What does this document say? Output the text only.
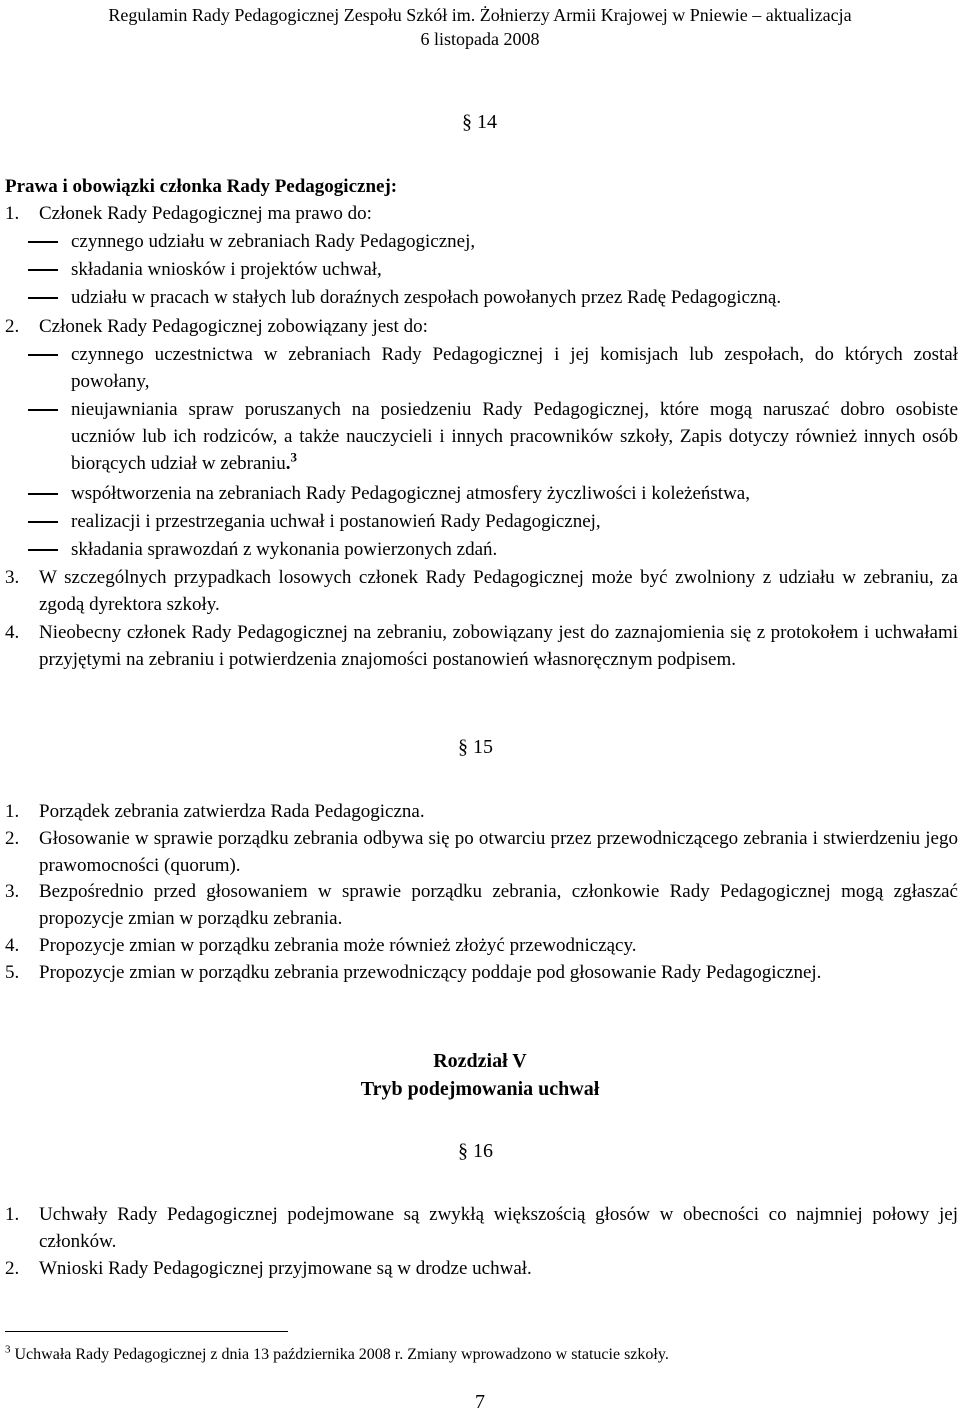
Regulamin Rady Pedagogicznej Zespołu Szkół im. Żołnierzy Armii Krajowej w Pniewie – aktualizacja
6 listopada 2008
§ 14
Prawa i obowiązki członka Rady Pedagogicznej:
1. Członek Rady Pedagogicznej ma prawo do:
czynnego udziału w zebraniach Rady Pedagogicznej,
składania wniosków i projektów uchwał,
udziału w pracach w stałych lub doraźnych zespołach powołanych przez Radę Pedagogiczną.
2. Członek Rady Pedagogicznej zobowiązany jest do:
czynnego uczestnictwa w zebraniach Rady Pedagogicznej i jej komisjach lub zespołach, do których został powołany,
nieujawniania spraw poruszanych na posiedzeniu Rady Pedagogicznej, które mogą naruszać dobro osobiste uczniów lub ich rodziców, a także nauczycieli i innych pracowników szkoły, Zapis dotyczy również innych osób biorących udział w zebraniu.$^3$
współtworzenia na zebraniach Rady Pedagogicznej atmosfery życzliwości i koleżeństwa,
realizacji i przestrzegania uchwał i postanowień Rady Pedagogicznej,
składania sprawozdań z wykonania powierzonych zdań.
3. W szczególnych przypadkach losowych członek Rady Pedagogicznej może być zwolniony z udziału w zebraniu, za zgodą dyrektora szkoły.
4. Nieobecny członek Rady Pedagogicznej na zebraniu, zobowiązany jest do zaznajomienia się z protokołem i uchwałami przyjętymi na zebraniu i potwierdzenia znajomości postanowień własnoręcznym podpisem.
§ 15
1. Porządek zebrania zatwierdza Rada Pedagogiczna.
2. Głosowanie w sprawie porządku zebrania odbywa się po otwarciu przez przewodniczącego zebrania i stwierdzeniu jego prawomocności (quorum).
3. Bezpośrednio przed głosowaniem w sprawie porządku zebrania, członkowie Rady Pedagogicznej mogą zgłaszać propozycje zmian w porządku zebrania.
4. Propozycje zmian w porządku zebrania może również złożyć przewodniczący.
5. Propozycje zmian w porządku zebrania przewodniczący poddaje pod głosowanie Rady Pedagogicznej.
Rozdział V
Tryb podejmowania uchwał
§ 16
1. Uchwały Rady Pedagogicznej podejmowane są zwykłą większością głosów w obecności co najmniej połowy jej członków.
2. Wnioski Rady Pedagogicznej przyjmowane są w drodze uchwał.
$^3$ Uchwała Rady Pedagogicznej z dnia 13 października 2008 r. Zmiany wprowadzono w statucie szkoły.
7
